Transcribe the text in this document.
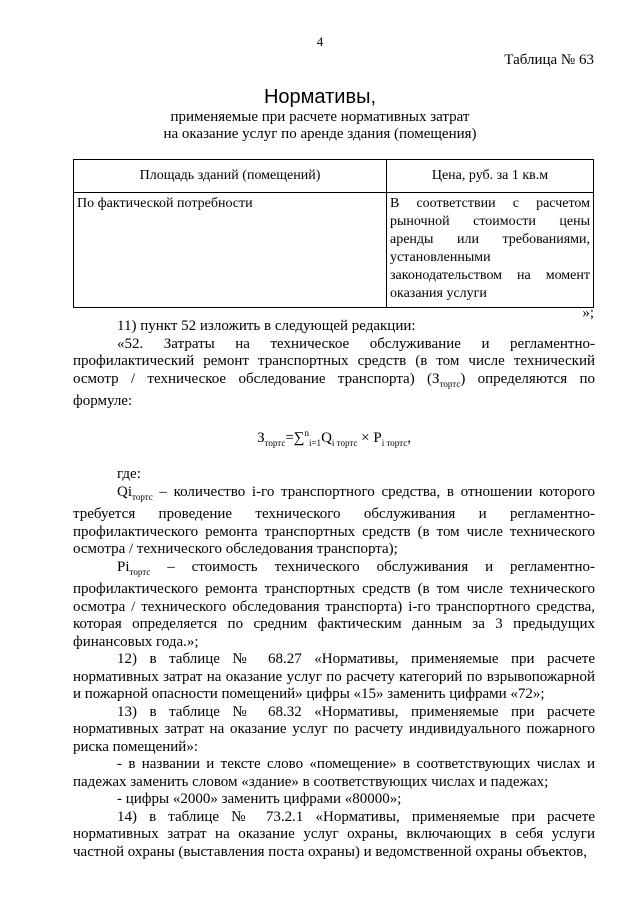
4
Таблица № 63
Нормативы,
применяемые при расчете нормативных затрат
на оказание услуг по аренде здания (помещения)
Площадь зданий (помещений)	Цена, руб. за 1 кв.м
По фактической потребности	В соответствии с расчетом рыночной стоимости цены аренды или требованиями, установленными законодательством на момент оказания услуги
»;

11) пункт 52 изложить в следующей редакции:

«52. Затраты на техническое обслуживание и регламентно-профилактический ремонт транспортных средств (в том числе технический осмотр / техническое обследование транспорта) $(З_{тортс})$ определяются по формуле:

$З_{тортс}=\sum^n_{i=1}Q_{i тортс} \times P_{i тортс}$,

где:

$Qi_{тортс}$ – количество i-го транспортного средства, в отношении которого требуется проведение технического обслуживания и регламентно-профилактического ремонта транспортных средств (в том числе технического осмотра / технического обследования транспорта);

$Pi_{тортс}$ – стоимость технического обслуживания и регламентно-профилактического ремонта транспортных средств (в том числе технического осмотра / технического обследования транспорта) i-го транспортного средства, которая определяется по средним фактическим данным за 3 предыдущих финансовых года.»;

12) в таблице № 68.27 «Нормативы, применяемые при расчете нормативных затрат на оказание услуг по расчету категорий по взрывопожарной и пожарной опасности помещений» цифры «15» заменить цифрами «72»;

13) в таблице № 68.32 «Нормативы, применяемые при расчете нормативных затрат на оказание услуг по расчету индивидуального пожарного риска помещений»:

- в названии и тексте слово «помещение» в соответствующих числах и падежах заменить словом «здание» в соответствующих числах и падежах;

- цифры «2000» заменить цифрами «80000»;

14) в таблице № 73.2.1 «Нормативы, применяемые при расчете нормативных затрат на оказание услуг охраны, включающих в себя услуги частной охраны (выставления поста охраны) и ведомственной охраны объектов,
